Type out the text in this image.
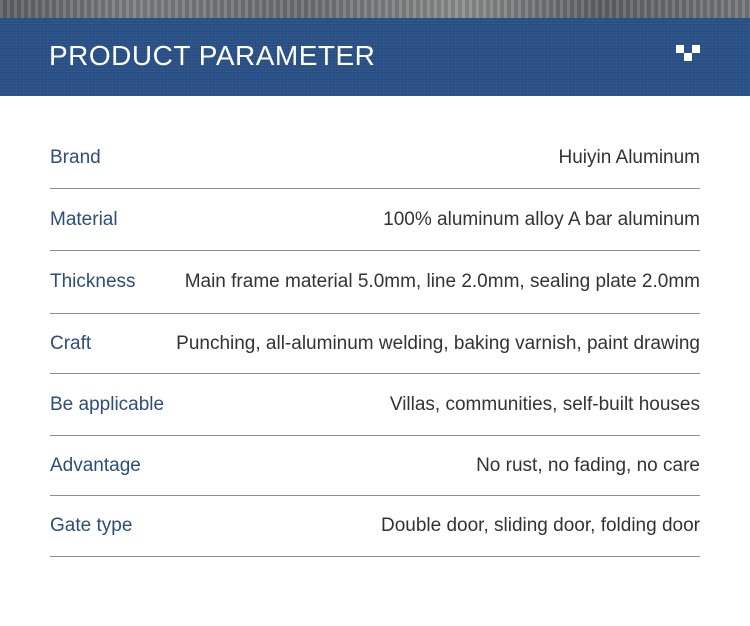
PRODUCT PARAMETER
Brand	Huiyin Aluminum
Material	100% aluminum alloy A bar aluminum
Thickness	Main frame material 5.0mm, line 2.0mm, sealing plate 2.0mm
Craft	Punching, all-aluminum welding, baking varnish, paint drawing
Be applicable	Villas, communities, self-built houses
Advantage	No rust, no fading, no care
Gate type	Double door, sliding door, folding door
